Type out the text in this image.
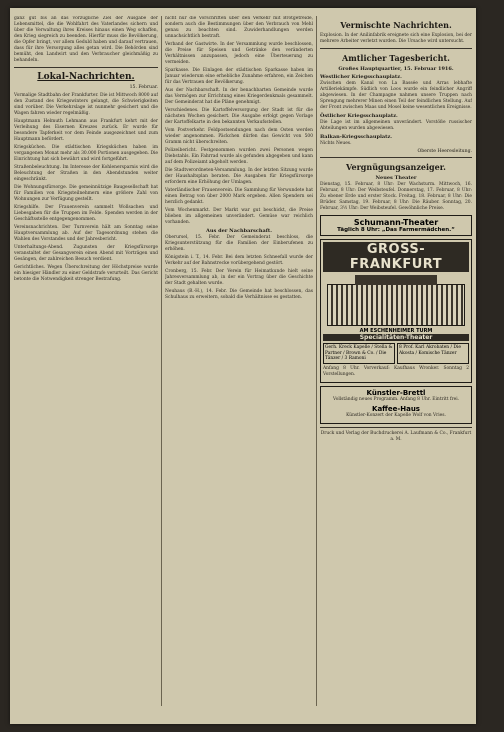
ganz gut bis an das vorzügliche Ziel der Ausgabe der Lebensmittel, die die Wohlfahrt des Vaterlandes sichern und über die Verwaltung ihres Kreises hinaus einen Weg schaffen, den Krieg siegreich zu beenden. Hierfür muss die Bevölkerung, die Opfer bringt, vor allem Geduld haben und darauf vertrauen, dass für ihre Versorgung alles getan wird. Die Behörden sind bemüht, den Landwirt und den Verbraucher gleichmäßig zu behandeln.

Lokal-Nachrichten.
15. Februar.

Vormalige Stadtbahn der Frankfurter. Die ist Mittwoch 8000 auf den Zustand des Kriegswinters gelangt, die Schwierigkeiten sind vorüber. Die Verkehrslage ist nunmehr gesichert und die Wagen fahren wieder regelmäßig.

Hauptmann Helmuth Lehmann aus Frankfurt kehrt mit der Verleihung des Eisernen Kreuzes zurück. Er wurde für besondere Tapferkeit vor dem Feinde ausgezeichnet und zum Hauptmann befördert.

Kriegsküchen. Die städtischen Kriegsküchen haben im vergangenen Monat mehr als 30.000 Portionen ausgegeben. Die Einrichtung hat sich bewährt und wird fortgeführt.

Straßenbeleuchtung. Im Interesse der Kohlenersparnis wird die Beleuchtung der Straßen in den Abendstunden weiter eingeschränkt.

Die Wohnungsfürsorge. Die gemeinnützige Baugesellschaft hat für Familien von Kriegsteilnehmern eine größere Zahl von Wohnungen zur Verfügung gestellt.

Kriegshilfe. Der Frauenverein sammelt Wollsachen und Liebesgaben für die Truppen im Felde. Spenden werden in der Geschäftsstelle entgegengenommen.

Vereinsnachrichten. Der Turnverein hält am Sonntag seine Hauptversammlung ab. Auf der Tagesordnung stehen die Wahlen des Vorstandes und der Jahresbericht.

Unterhaltungs-Abend. Zugunsten der Kriegsfürsorge veranstaltet der Gesangverein einen Abend mit Vorträgen und Gesängen, der zahlreichen Besuch verdient.

Gerichtliches. Wegen Überschreitung der Höchstpreise wurde ein hiesiger Händler zu einer Geldstrafe verurteilt. Das Gericht betonte die Notwendigkeit strenger Bestrafung.

nicht nur die Vorschriften über den Verkehr mit Brotgetreide, sondern auch die Bestimmungen über den Verbrauch von Mehl genau zu beachten sind. Zuwiderhandlungen werden unnachsichtlich bestraft.

Verband der Gastwirte. In der Versammlung wurde beschlossen, die Preise für Speisen und Getränke den veränderten Verhältnissen anzupassen, jedoch eine Überteuerung zu vermeiden.

Sparkasse. Die Einlagen der städtischen Sparkasse haben im Januar wiederum eine erhebliche Zunahme erfahren, ein Zeichen für das Vertrauen der Bevölkerung.

Aus der Nachbarschaft. In der benachbarten Gemeinde wurde das Vermögen zur Errichtung eines Kriegerdenkmals gesammelt. Der Gemeinderat hat die Pläne genehmigt.

Verschiedenes. Die Kartoffelversorgung der Stadt ist für die nächsten Wochen gesichert. Die Ausgabe erfolgt gegen Vorlage der Kartoffelkarte in den bekannten Verkaufsstellen.

Vom Postverkehr. Feldpostsendungen nach dem Osten werden wieder angenommen. Päckchen dürfen das Gewicht von 500 Gramm nicht überschreiten.

Polizeibericht. Festgenommen wurden zwei Personen wegen Diebstahls. Ein Fahrrad wurde als gefunden abgegeben und kann auf dem Polizeiamt abgeholt werden.

Die Stadtverordneten-Versammlung. In der letzten Sitzung wurde der Haushaltsplan beraten. Die Ausgaben für Kriegsfürsorge erfordern eine Erhöhung der Umlagen.

Vaterländischer Frauenverein. Die Sammlung für Verwundete hat einen Betrag von über 2000 Mark ergeben. Allen Spendern sei herzlich gedankt.

Vom Wochenmarkt. Der Markt war gut beschickt, die Preise blieben im allgemeinen unverändert. Gemüse war reichlich vorhanden.

Aus der Nachbarschaft.

Oberursel, 15. Febr. Der Gemeinderat beschloss, die Kriegsunterstützung für die Familien der Einberufenen zu erhöhen.

Königstein i. T., 14. Febr. Bei dem letzten Schneefall wurde der Verkehr auf der Bahnstrecke vorübergehend gestört.

Cronberg, 15. Febr. Der Verein für Heimatkunde hielt seine Jahresversammlung ab, in der ein Vortrag über die Geschichte der Stadt gehalten wurde.

Neuhaus (B.-H.), 14. Febr. Die Gemeinde hat beschlossen, das Schulhaus zu erweitern, sobald die Verhältnisse es gestatten.

Vermischte Nachrichten.

Explosion. In der Anilinfabrik ereignete sich eine Explosion, bei der mehrere Arbeiter verletzt wurden. Die Ursache wird untersucht.

Amtlicher Tagesbericht.
Großes Hauptquartier, 15. Februar 1916.
Westlicher Kriegsschauplatz.

Zwischen dem Kanal von La Bassée und Arras lebhafte Artilleriekämpfe. Südlich von Loos wurde ein feindlicher Angriff abgewiesen. In der Champagne nahmen unsere Truppen nach Sprengung mehrerer Minen einen Teil der feindlichen Stellung. Auf der Front zwischen Maas und Mosel keine wesentlichen Ereignisse.

Östlicher Kriegsschauplatz.

Die Lage ist im allgemeinen unverändert. Vorstöße russischer Abteilungen wurden abgewiesen.

Balkan-Kriegsschauplatz.

Nichts Neues.

Oberste Heeresleitung.
Vergnügungsanzeiger.
Neues Theater

Dienstag, 15. Februar, 8 Uhr: Der Wachsturm. Mittwoch, 16. Februar, 8 Uhr: Der Weibsteufel. Donnerstag, 17. Februar, 8 Uhr: Zu ebener Erde und erster Stock. Freitag, 18. Februar, 8 Uhr: Die Brüder. Samstag, 19. Februar, 8 Uhr: Die Räuber. Sonntag, 20. Februar, 3½ Uhr: Der Weibsteufel. Gewöhnliche Preise.

Schumann-Theater
Täglich 8 Uhr: „Das Farmermädchen.“
GROSS-FRANKFURT
AM ESCHENHEIMER TURM
Specialitäten-Theater
Gerh. Kreck Kapelle / Stella & Partner / Brown & Co. / Die Tänzer / 3 Ramoni
8 Prof. Karl Akrobaten / Die Akosta / Komische Tänzer

Anfang 8 Uhr. Vorverkauf: Kaufhaus Wronker. Sonntag 2 Vorstellungen.

Künstler-Brettl

Vollständig neues Programm. Anfang 8 Uhr. Eintritt frei.

Kaffee-Haus

Künstler-Konzert der Kapelle Wolf von Vries.

Druck und Verlag der Buchdruckerei A. Laufmann & Co., Frankfurt a. M.
